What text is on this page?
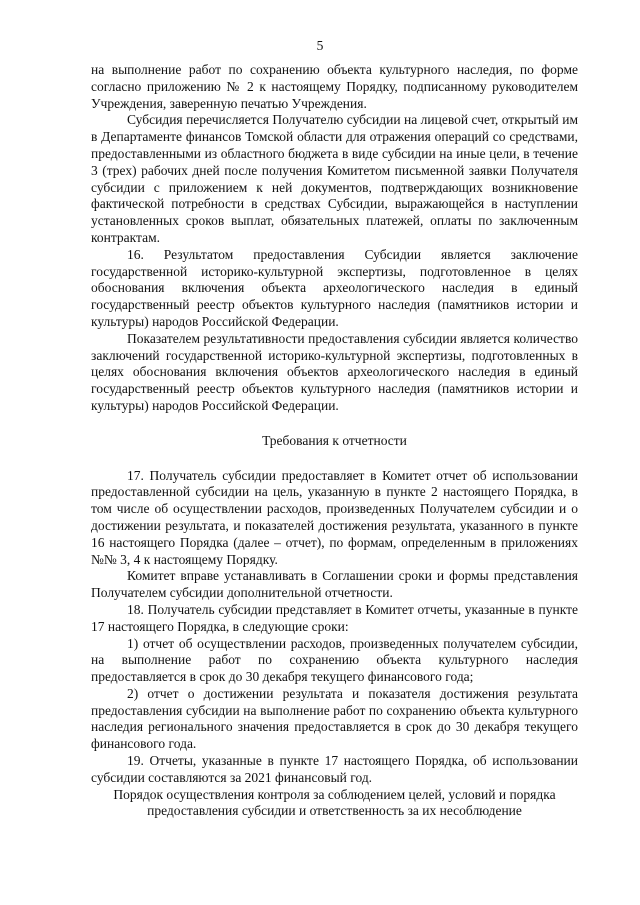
5

на выполнение работ по сохранению объекта культурного наследия, по форме согласно приложению № 2 к настоящему Порядку, подписанному руководителем Учреждения, заверенную печатью Учреждения.

Субсидия перечисляется Получателю субсидии на лицевой счет, открытый им в Департаменте финансов Томской области для отражения операций со средствами, предоставленными из областного бюджета в виде субсидии на иные цели, в течение 3 (трех) рабочих дней после получения Комитетом письменной заявки Получателя субсидии с приложением к ней документов, подтверждающих возникновение фактической потребности в средствах Субсидии, выражающейся в наступлении установленных сроков выплат, обязательных платежей, оплаты по заключенным контрактам.

16. Результатом предоставления Субсидии является заключение государственной историко-культурной экспертизы, подготовленное в целях обоснования включения объекта археологического наследия в единый государственный реестр объектов культурного наследия (памятников истории и культуры) народов Российской Федерации.

Показателем результативности предоставления субсидии является количество заключений государственной историко-культурной экспертизы, подготовленных в целях обоснования включения объектов археологического наследия в единый государственный реестр объектов культурного наследия (памятников истории и культуры) народов Российской Федерации.

Требования к отчетности

17. Получатель субсидии предоставляет в Комитет отчет об использовании предоставленной субсидии на цель, указанную в пункте 2 настоящего Порядка, в том числе об осуществлении расходов, произведенных Получателем субсидии и о достижении результата, и показателей достижения результата, указанного в пункте 16 настоящего Порядка (далее – отчет), по формам, определенным в приложениях №№ 3, 4 к настоящему Порядку.

Комитет вправе устанавливать в Соглашении сроки и формы представления Получателем субсидии дополнительной отчетности.

18. Получатель субсидии представляет в Комитет отчеты, указанные в пункте 17 настоящего Порядка, в следующие сроки:

1) отчет об осуществлении расходов, произведенных получателем субсидии, на выполнение работ по сохранению объекта культурного наследия предоставляется в срок до 30 декабря текущего финансового года;

2) отчет о достижении результата и показателя достижения результата предоставления субсидии на выполнение работ по сохранению объекта культурного наследия регионального значения предоставляется в срок до 30 декабря текущего финансового года.

19. Отчеты, указанные в пункте 17 настоящего Порядка, об использовании субсидии составляются за 2021 финансовый год.

Порядок осуществления контроля за соблюдением целей, условий и порядка

предоставления субсидии и ответственность за их несоблюдение
